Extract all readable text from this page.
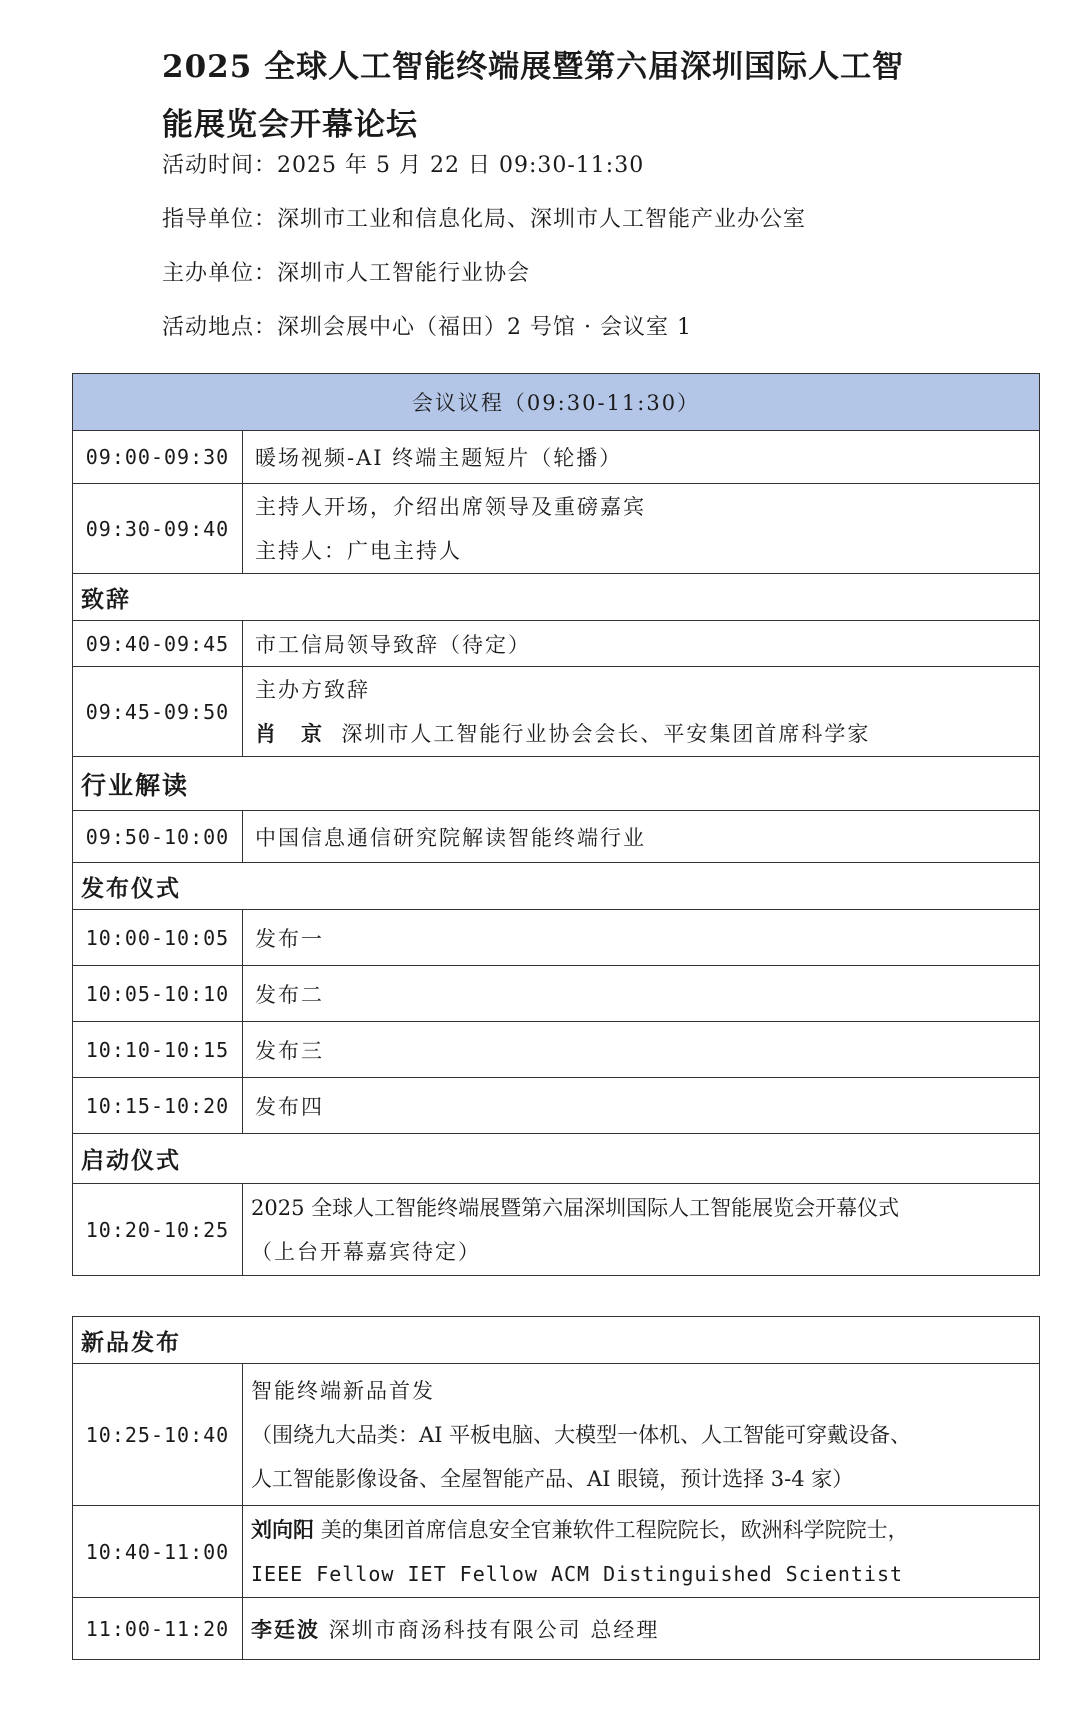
2025 全球人工智能终端展暨第六届深圳国际人工智能展览会开幕论坛
活动时间：2025 年 5 月 22 日 09:30-11:30
指导单位：深圳市工业和信息化局、深圳市人工智能产业办公室
主办单位：深圳市人工智能行业协会
活动地点：深圳会展中心（福田）2 号馆 · 会议室 1
会议议程（09:30-11:30）	
09:00-09:30	暖场视频-AI 终端主题短片（轮播）
09:30-09:40	主持人开场，介绍出席领导及重磅嘉宾
主持人：广电主持人

致辞	
09:40-09:45	市工信局领导致辞（待定）
09:45-09:50	主办方致辞
肖　京 深圳市人工智能行业协会会长、平安集团首席科学家

行业解读	
09:50-10:00	中国信息通信研究院解读智能终端行业
发布仪式	
10:00-10:05	发布一
10:05-10:10	发布二
10:10-10:15	发布三
10:15-10:20	发布四
启动仪式	
10:20-10:25	2025 全球人工智能终端展暨第六届深圳国际人工智能展览会开幕仪式
（上台开幕嘉宾待定）
新品发布	
10:25-10:40	智能终端新品首发
（围绕九大品类：AI 平板电脑、大模型一体机、人工智能可穿戴设备、
人工智能影像设备、全屋智能产品、AI 眼镜，预计选择 3-4 家）

10:40-11:00	刘向阳 美的集团首席信息安全官兼软件工程院院长，欧洲科学院院士，
IEEE Fellow IET Fellow ACM Distinguished Scientist

11:00-11:20	李廷波 深圳市商汤科技有限公司 总经理
